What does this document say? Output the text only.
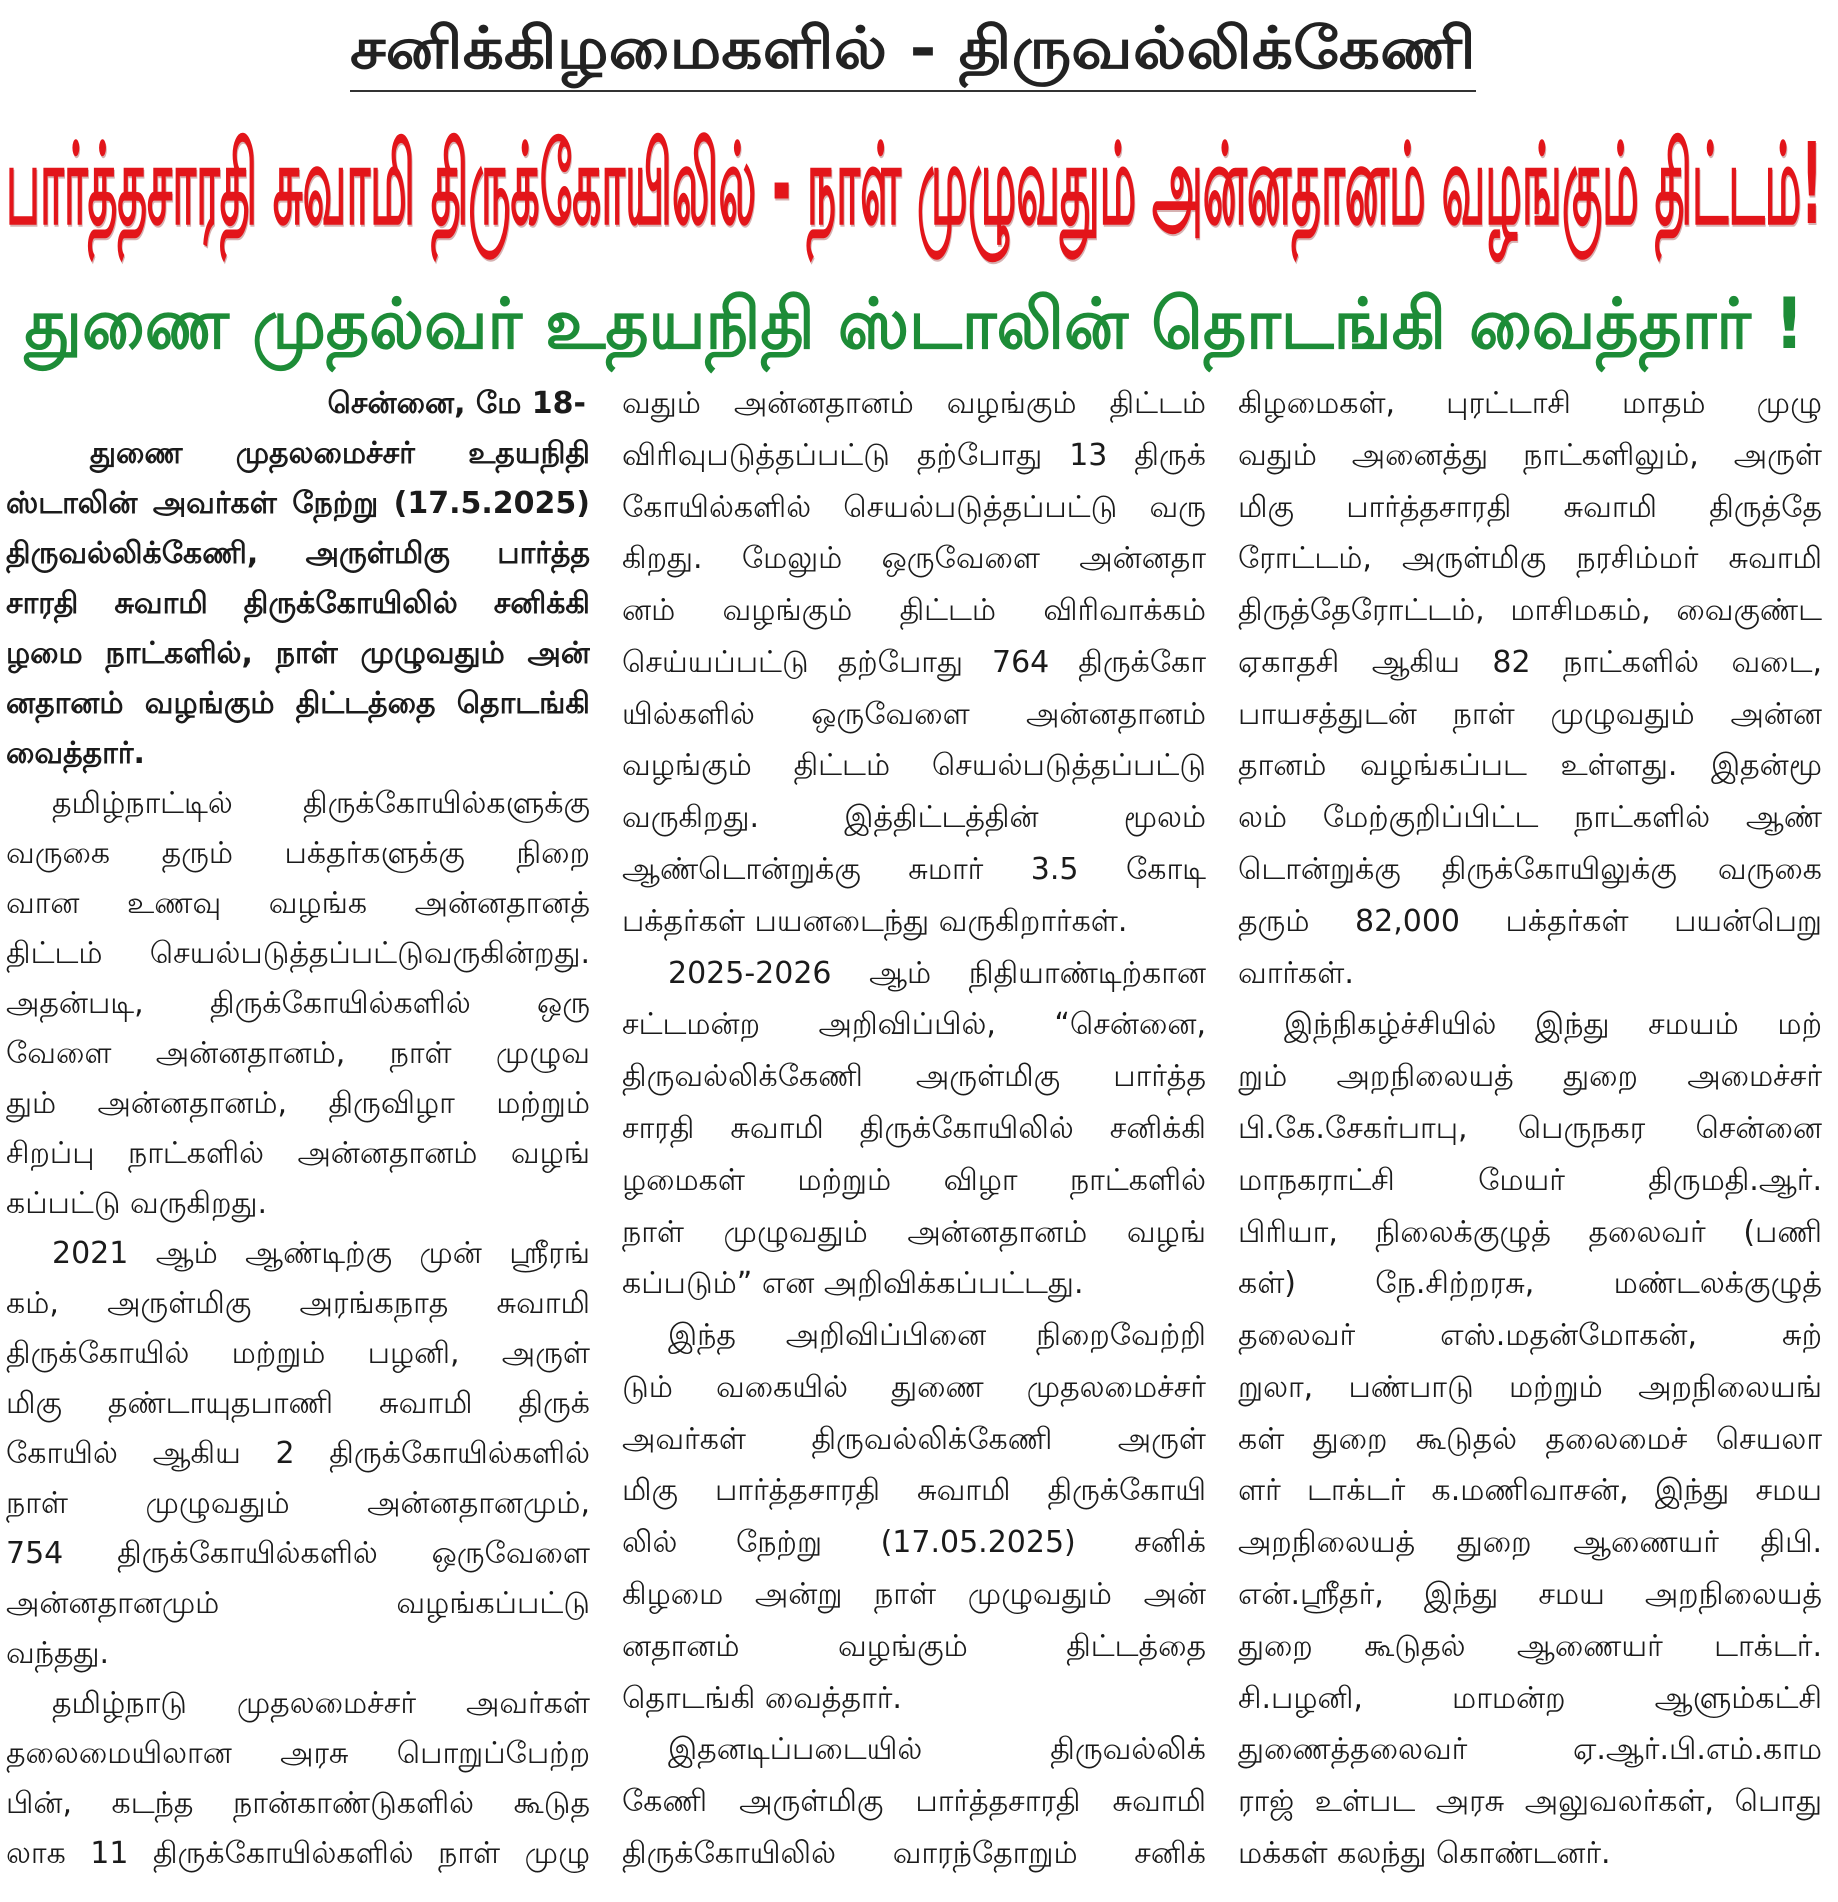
சனிக்கிழமைகளில் - திருவல்லிக்கேணி
பார்த்தசாரதி சுவாமி திருக்கோயிலில் - நாள் முழுவதும் அன்னதானம் வழங்கும் திட்டம்!
துணை முதல்வர் உதயநிதி ஸ்டாலின் தொடங்கி வைத்தார் !
சென்னை, மே 18-
துணை முதலமைச்சர் உதயநிதி
ஸ்டாலின் அவர்கள் நேற்று (17.5.2025)
திருவல்லிக்கேணி, அருள்மிகு பார்த்த
சாரதி சுவாமி திருக்கோயிலில் சனிக்கி
ழமை நாட்களில், நாள் முழுவதும் அன்
னதானம் வழங்கும் திட்டத்தை தொடங்கி
வைத்தார்.
தமிழ்நாட்டில் திருக்கோயில்களுக்கு
வருகை தரும் பக்தர்களுக்கு நிறை
வான உணவு வழங்க அன்னதானத்
திட்டம் செயல்படுத்தப்பட்டுவருகின்றது.
அதன்படி, திருக்கோயில்களில் ஒரு
வேளை அன்னதானம், நாள் முழுவ
தும் அன்னதானம், திருவிழா மற்றும்
சிறப்பு நாட்களில் அன்னதானம் வழங்
கப்பட்டு வருகிறது.
2021 ஆம் ஆண்டிற்கு முன் ஸ்ரீரங்
கம், அருள்மிகு அரங்கநாத சுவாமி
திருக்கோயில் மற்றும் பழனி, அருள்
மிகு தண்டாயுதபாணி சுவாமி திருக்
கோயில் ஆகிய 2 திருக்கோயில்களில்
நாள் முழுவதும் அன்னதானமும்,
754 திருக்கோயில்களில் ஒருவேளை
அன்னதானமும் வழங்கப்பட்டு
வந்தது.
தமிழ்நாடு முதலமைச்சர் அவர்கள்
தலைமையிலான அரசு பொறுப்பேற்ற
பின், கடந்த நான்காண்டுகளில் கூடுத
லாக 11 திருக்கோயில்களில் நாள் முழு
வதும் அன்னதானம் வழங்கும் திட்டம்
விரிவுபடுத்தப்பட்டு தற்போது 13 திருக்
கோயில்களில் செயல்படுத்தப்பட்டு வரு
கிறது. மேலும் ஒருவேளை அன்னதா
னம் வழங்கும் திட்டம் விரிவாக்கம்
செய்யப்பட்டு தற்போது 764 திருக்கோ
யில்களில் ஒருவேளை அன்னதானம்
வழங்கும் திட்டம் செயல்படுத்தப்பட்டு
வருகிறது. இத்திட்டத்தின் மூலம்
ஆண்டொன்றுக்கு சுமார் 3.5 கோடி
பக்தர்கள் பயனடைந்து வருகிறார்கள்.
2025-2026 ஆம் நிதியாண்டிற்கான
சட்டமன்ற அறிவிப்பில், “சென்னை,
திருவல்லிக்கேணி அருள்மிகு பார்த்த
சாரதி சுவாமி திருக்கோயிலில் சனிக்கி
ழமைகள் மற்றும் விழா நாட்களில்
நாள் முழுவதும் அன்னதானம் வழங்
கப்படும்” என அறிவிக்கப்பட்டது.
இந்த அறிவிப்பினை நிறைவேற்றி
டும் வகையில் துணை முதலமைச்சர்
அவர்கள் திருவல்லிக்கேணி அருள்
மிகு பார்த்தசாரதி சுவாமி திருக்கோயி
லில் நேற்று (17.05.2025) சனிக்
கிழமை அன்று நாள் முழுவதும் அன்
னதானம் வழங்கும் திட்டத்தை
தொடங்கி வைத்தார்.
இதனடிப்படையில் திருவல்லிக்
கேணி அருள்மிகு பார்த்தசாரதி சுவாமி
திருக்கோயிலில் வாரந்தோறும் சனிக்
கிழமைகள், புரட்டாசி மாதம் முழு
வதும் அனைத்து நாட்களிலும், அருள்
மிகு பார்த்தசாரதி சுவாமி திருத்தே
ரோட்டம், அருள்மிகு நரசிம்மர் சுவாமி
திருத்தேரோட்டம், மாசிமகம், வைகுண்ட
ஏகாதசி ஆகிய 82 நாட்களில் வடை,
பாயசத்துடன் நாள் முழுவதும் அன்ன
தானம் வழங்கப்பட உள்ளது. இதன்மூ
லம் மேற்குறிப்பிட்ட நாட்களில் ஆண்
டொன்றுக்கு திருக்கோயிலுக்கு வருகை
தரும் 82,000 பக்தர்கள் பயன்பெறு
வார்கள்.
இந்நிகழ்ச்சியில் இந்து சமயம் மற்
றும் அறநிலையத் துறை அமைச்சர்
பி.கே.சேகர்பாபு, பெருநகர சென்னை
மாநகராட்சி மேயர் திருமதி.ஆர்.
பிரியா, நிலைக்குழுத் தலைவர் (பணி
கள்) நே.சிற்றரசு, மண்டலக்குழுத்
தலைவர் எஸ்.மதன்மோகன், சுற்
றுலா, பண்பாடு மற்றும் அறநிலையங்
கள் துறை கூடுதல் தலைமைச் செயலா
ளர் டாக்டர் க.மணிவாசன், இந்து சமய
அறநிலையத் துறை ஆணையர் திபி.
என்.ஸ்ரீதர், இந்து சமய அறநிலையத்
துறை கூடுதல் ஆணையர் டாக்டர்.
சி.பழனி, மாமன்ற ஆளும்கட்சி
துணைத்தலைவர் ஏ.ஆர்.பி.எம்.காம
ராஜ் உள்பட அரசு அலுவலர்கள், பொது
மக்கள் கலந்து கொண்டனர்.
